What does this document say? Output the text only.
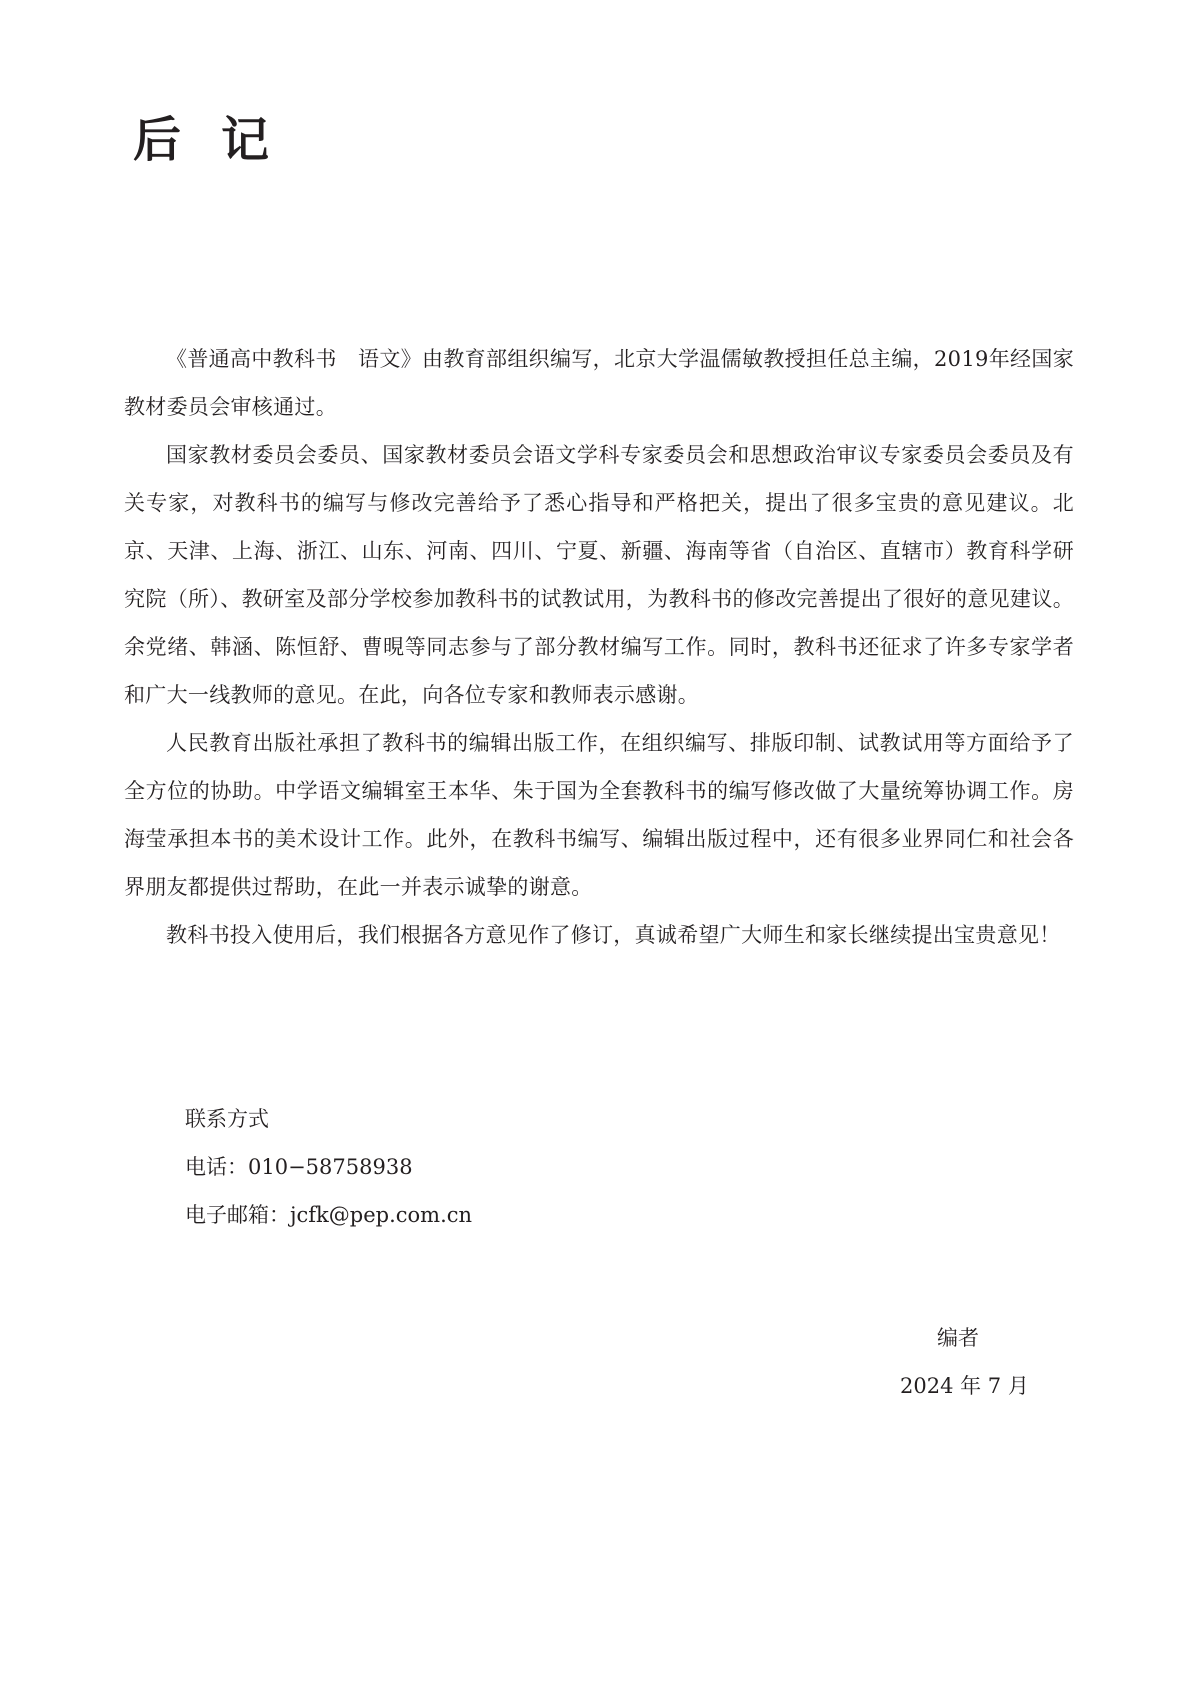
后记

《普通高中教科书　语文》由教育部组织编写，北京大学温儒敏教授担任总主编，2019年经国家教材委员会审核通过。

国家教材委员会委员、国家教材委员会语文学科专家委员会和思想政治审议专家委员会委员及有关专家，对教科书的编写与修改完善给予了悉心指导和严格把关，提出了很多宝贵的意见建议。北京、天津、上海、浙江、山东、河南、四川、宁夏、新疆、海南等省（自治区、直辖市）教育科学研究院（所）、教研室及部分学校参加教科书的试教试用，为教科书的修改完善提出了很好的意见建议。余党绪、韩涵、陈恒舒、曹晛等同志参与了部分教材编写工作。同时，教科书还征求了许多专家学者和广大一线教师的意见。在此，向各位专家和教师表示感谢。

人民教育出版社承担了教科书的编辑出版工作，在组织编写、排版印制、试教试用等方面给予了全方位的协助。中学语文编辑室王本华、朱于国为全套教科书的编写修改做了大量统筹协调工作。房海莹承担本书的美术设计工作。此外，在教科书编写、编辑出版过程中，还有很多业界同仁和社会各界朋友都提供过帮助，在此一并表示诚挚的谢意。

教科书投入使用后，我们根据各方意见作了修订，真诚希望广大师生和家长继续提出宝贵意见！

联系方式

电话：010−58758938

电子邮箱：jcfk@pep.com.cn

编者

2024 年 7 月
